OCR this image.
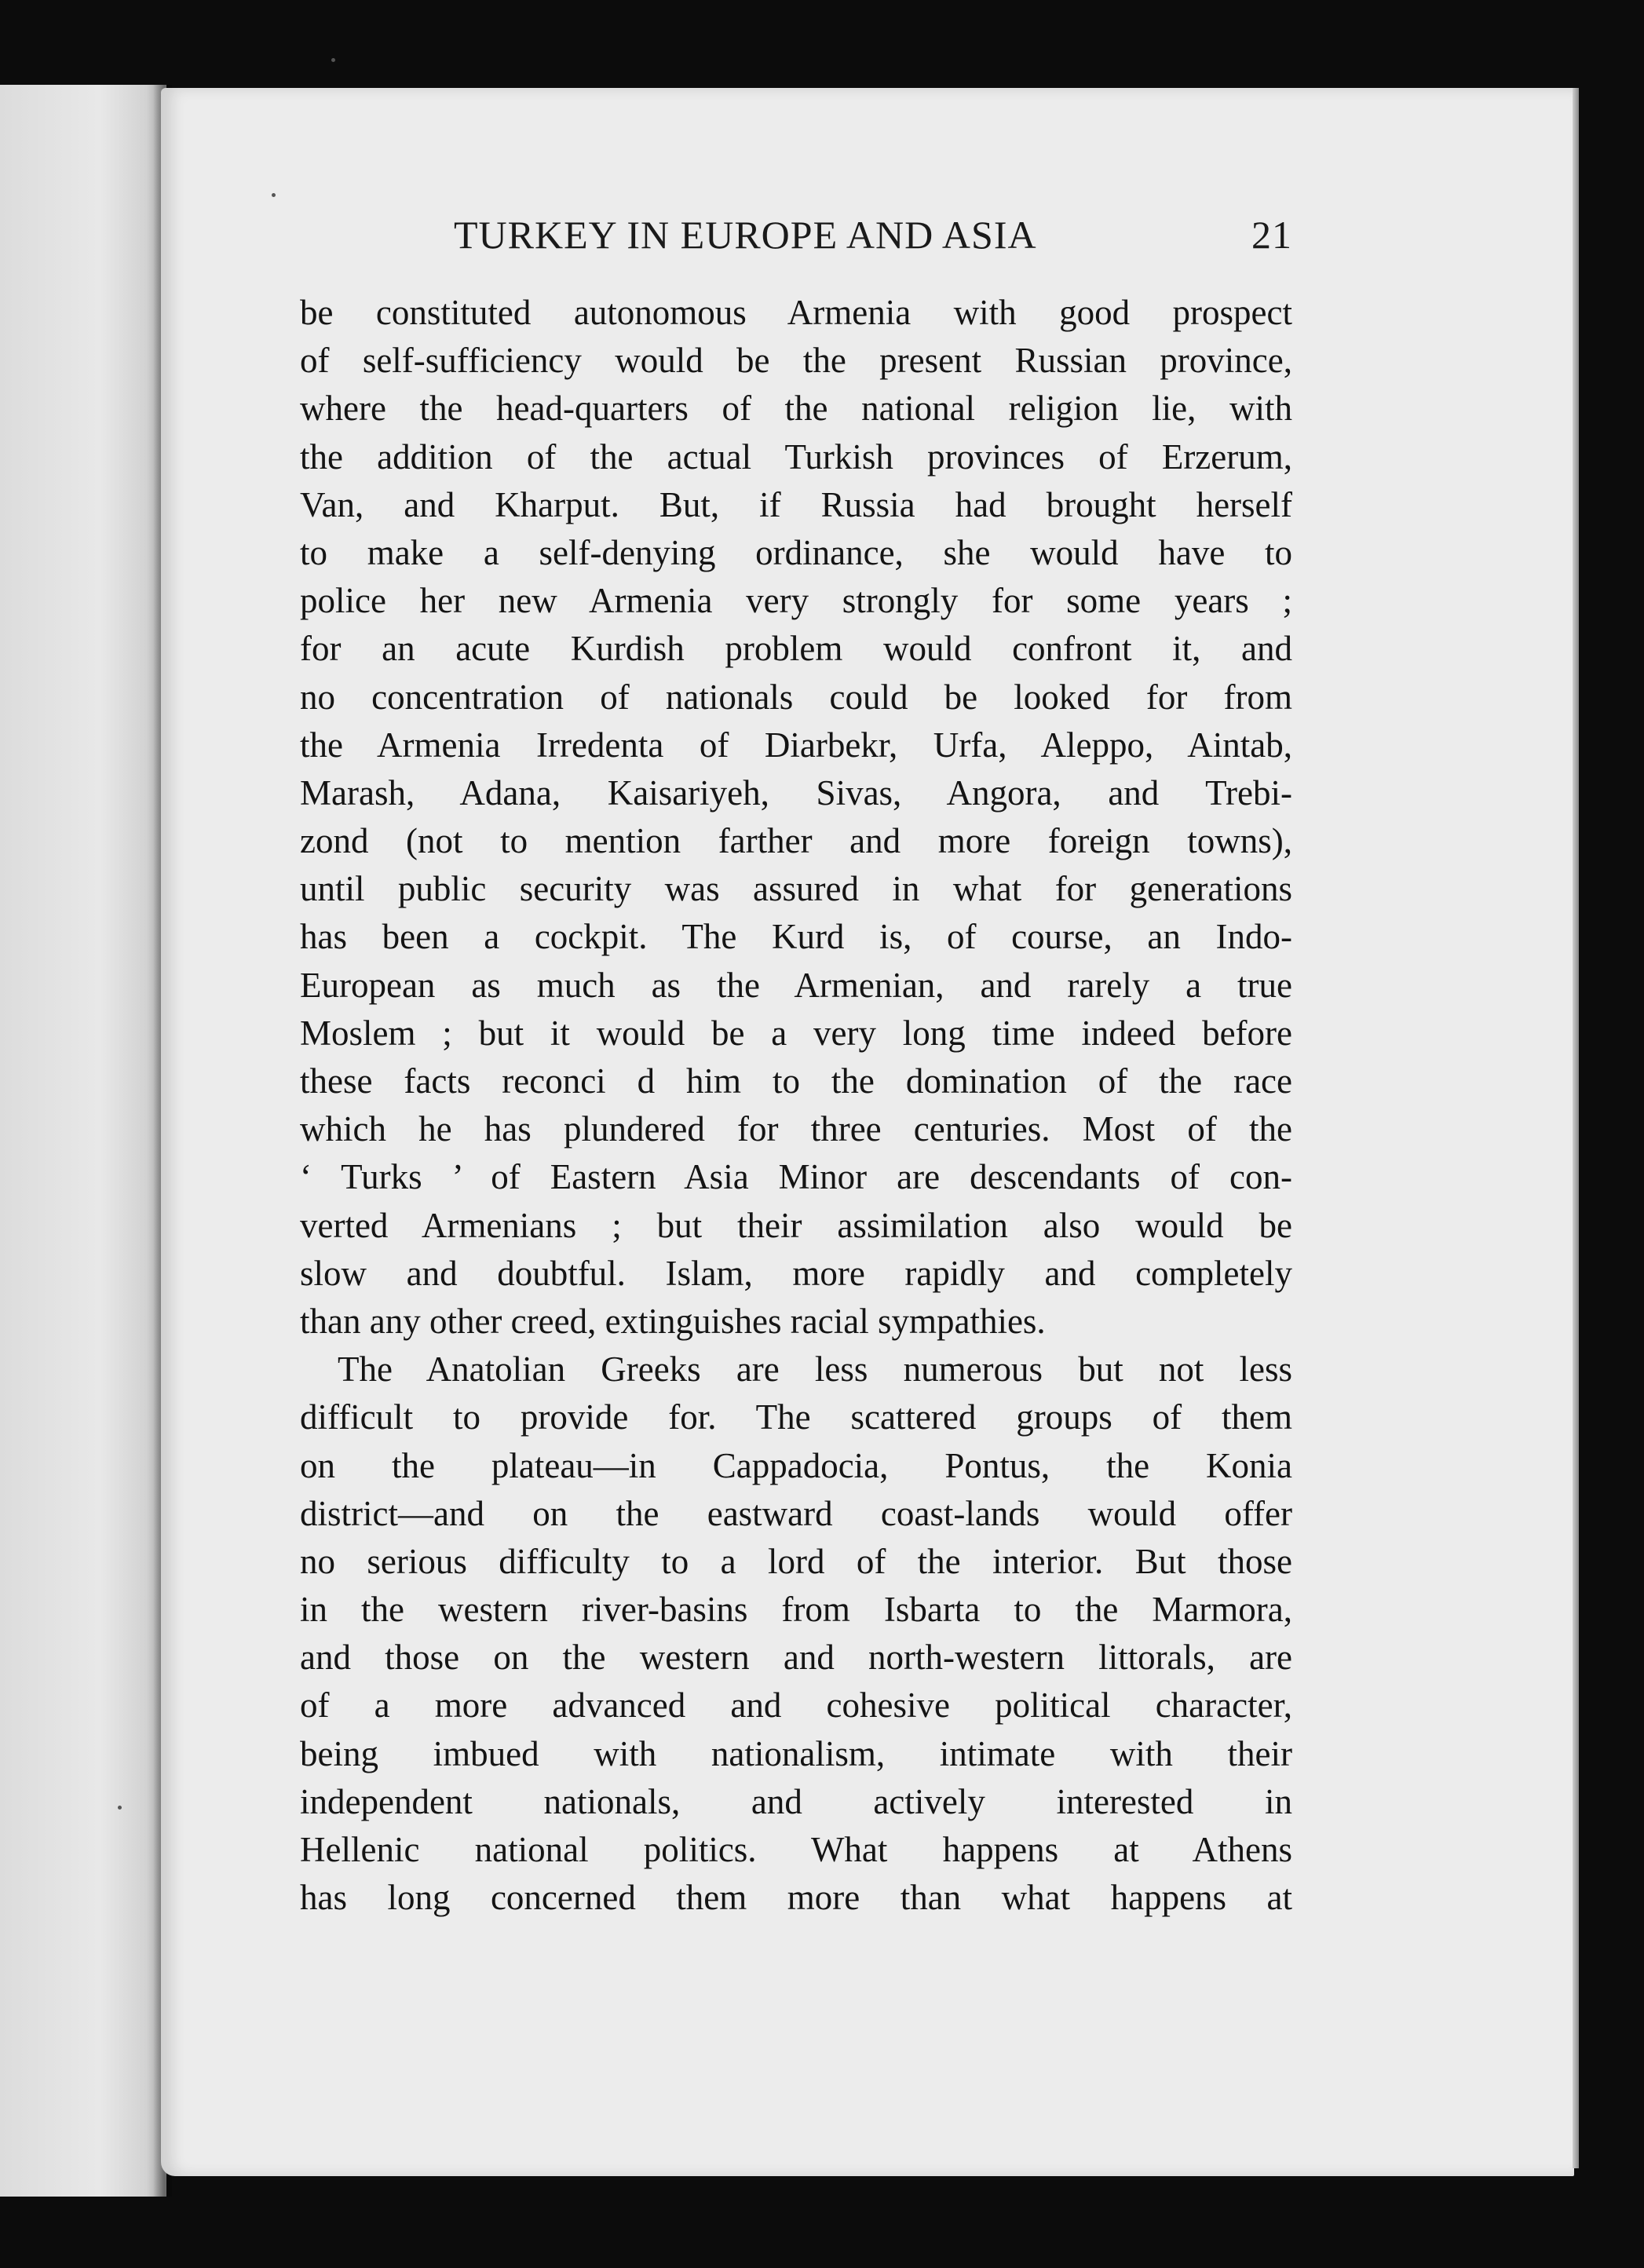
TURKEY IN EUROPE AND ASIA	21
be constituted autonomous Armenia with good prospect
of self-sufficiency would be the present Russian province,
where the head-quarters of the national religion lie, with
the addition of the actual Turkish provinces of Erzerum,
Van, and Kharput. But, if Russia had brought herself
to make a self-denying ordinance, she would have to
police her new Armenia very strongly for some years ;
for an acute Kurdish problem would confront it, and
no concentration of nationals could be looked for from
the Armenia Irredenta of Diarbekr, Urfa, Aleppo, Aintab,
Marash, Adana, Kaisariyeh, Sivas, Angora, and Trebi-
zond (not to mention farther and more foreign towns),
until public security was assured in what for generations
has been a cockpit. The Kurd is, of course, an Indo-
European as much as the Armenian, and rarely a true
Moslem ; but it would be a very long time indeed before
these facts reconci d him to the domination of the race
which he has plundered for three centuries. Most of the
‘ Turks ’ of Eastern Asia Minor are descendants of con-
verted Armenians ; but their assimilation also would be
slow and doubtful. Islam, more rapidly and completely
than any other creed, extinguishes racial sympathies.
The Anatolian Greeks are less numerous but not less
difficult to provide for. The scattered groups of them
on the plateau—in Cappadocia, Pontus, the Konia
district—and on the eastward coast-lands would offer
no serious difficulty to a lord of the interior. But those
in the western river-basins from Isbarta to the Marmora,
and those on the western and north-western littorals, are
of a more advanced and cohesive political character,
being imbued with nationalism, intimate with their
independent nationals, and actively interested in
Hellenic national politics. What happens at Athens
has long concerned them more than what happens at
